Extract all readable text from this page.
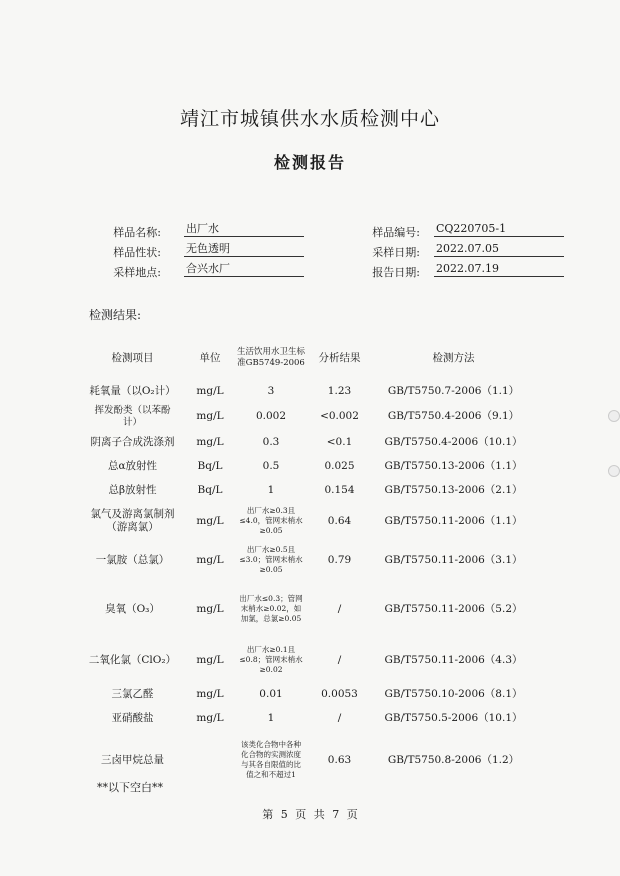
靖江市城镇供水水质检测中心
检测报告
样品名称: 出厂水
样品性状: 无色透明
采样地点: 合兴水厂
样品编号: CQ220705-1
采样日期: 2022.07.05
报告日期: 2022.07.19
检测结果:
检测项目	单位	生活饮用水卫生标准GB5749-2006	分析结果	检测方法
耗氧量（以O₂计）	mg/L	3	1.23	GB/T5750.7-2006（1.1）
挥发酚类（以苯酚计）	mg/L	0.002	<0.002	GB/T5750.4-2006（9.1）
阴离子合成洗涤剂	mg/L	0.3	<0.1	GB/T5750.4-2006（10.1）
总α放射性	Bq/L	0.5	0.025	GB/T5750.13-2006（1.1）
总β放射性	Bq/L	1	0.154	GB/T5750.13-2006（2.1）
氯气及游离氯制剂（游离氯）	mg/L	出厂水≥0.3且≤4.0，管网末梢水≥0.05	0.64	GB/T5750.11-2006（1.1）
一氯胺（总氯）	mg/L	出厂水≥0.5且≤3.0；管网末梢水≥0.05	0.79	GB/T5750.11-2006（3.1）
臭氧（O₃）	mg/L	出厂水≤0.3；管网末梢水≥0.02，如加氯，总氯≥0.05	/	GB/T5750.11-2006（5.2）
二氧化氯（ClO₂）	mg/L	出厂水≥0.1且≤0.8；管网末梢水≥0.02	/	GB/T5750.11-2006（4.3）
三氯乙醛	mg/L	0.01	0.0053	GB/T5750.10-2006（8.1）
亚硝酸盐	mg/L	1	/	GB/T5750.5-2006（10.1）
三卤甲烷总量		该类化合物中各种化合物的实测浓度与其各自限值的比值之和不超过1	0.63	GB/T5750.8-2006（1.2）
**以下空白**
第 5 页 共 7 页
